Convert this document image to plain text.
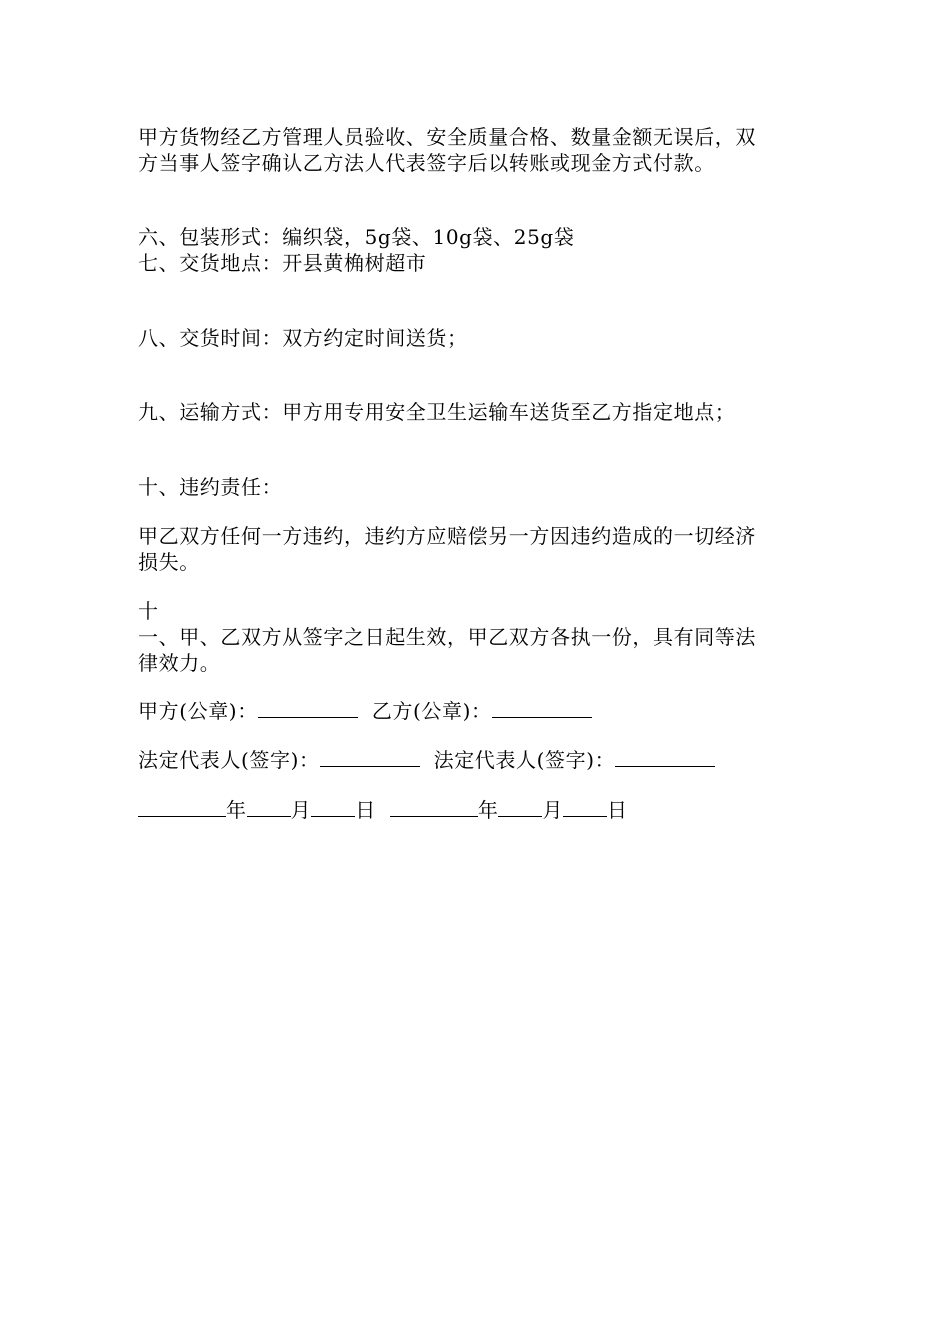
甲方货物经乙方管理人员验收、安全质量合格、数量金额无误后，双
方当事人签字确认乙方法人代表签字后以转账或现金方式付款。
六、包装形式：编织袋，5g袋、10g袋、25g袋
七、交货地点：开县黄桷树超市
八、交货时间：双方约定时间送货；
九、运输方式：甲方用专用安全卫生运输车送货至乙方指定地点；
十、违约责任：
甲乙双方任何一方违约，违约方应赔偿另一方因违约造成的一切经济
损失。
十
一、甲、乙双方从签字之日起生效，甲乙双方各执一份，具有同等法
律效力。
甲方(公章)：	乙方(公章)：
法定代表人(签字)：	法定代表人(签字)：
年 月 日	年 月 日
